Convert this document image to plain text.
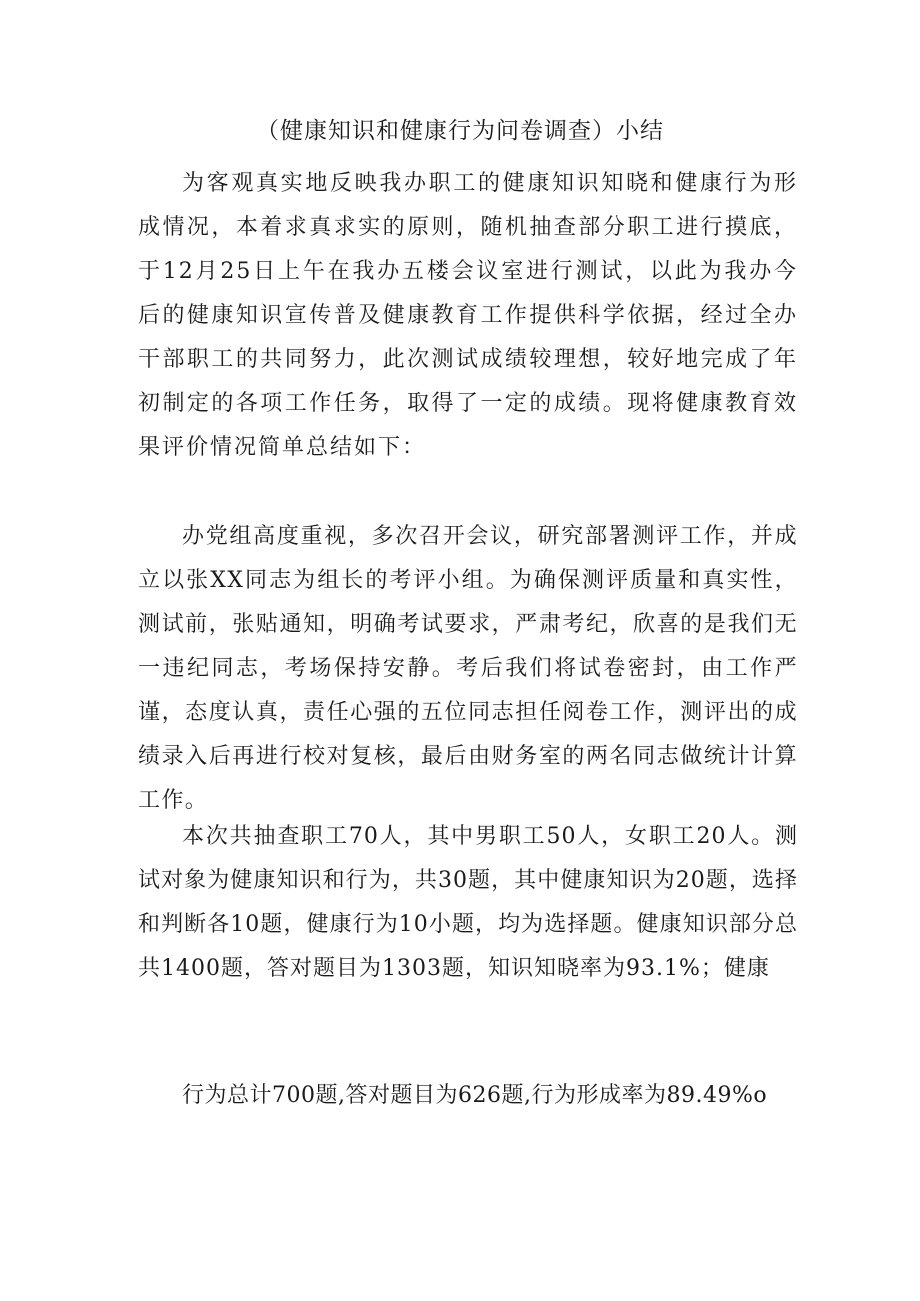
（健康知识和健康行为问卷调查）小结

为客观真实地反映我办职工的健康知识知晓和健康行为形成情况，本着求真求实的原则，随机抽查部分职工进行摸底，于12月25日上午在我办五楼会议室进行测试，以此为我办今后的健康知识宣传普及健康教育工作提供科学依据，经过全办干部职工的共同努力，此次测试成绩较理想，较好地完成了年初制定的各项工作任务，取得了一定的成绩。现将健康教育效果评价情况简单总结如下：

办党组高度重视，多次召开会议，研究部署测评工作，并成立以张XX同志为组长的考评小组。为确保测评质量和真实性，测试前，张贴通知，明确考试要求，严肃考纪，欣喜的是我们无一违纪同志，考场保持安静。考后我们将试卷密封，由工作严谨，态度认真，责任心强的五位同志担任阅卷工作，测评出的成绩录入后再进行校对复核，最后由财务室的两名同志做统计计算工作。

本次共抽查职工70人，其中男职工50人，女职工20人。测试对象为健康知识和行为，共30题，其中健康知识为20题，选择和判断各10题，健康行为10小题，均为选择题。健康知识部分总共1400题，答对题目为1303题，知识知晓率为93.1%；健康

行为总计700题,答对题目为626题,行为形成率为89.49%o
